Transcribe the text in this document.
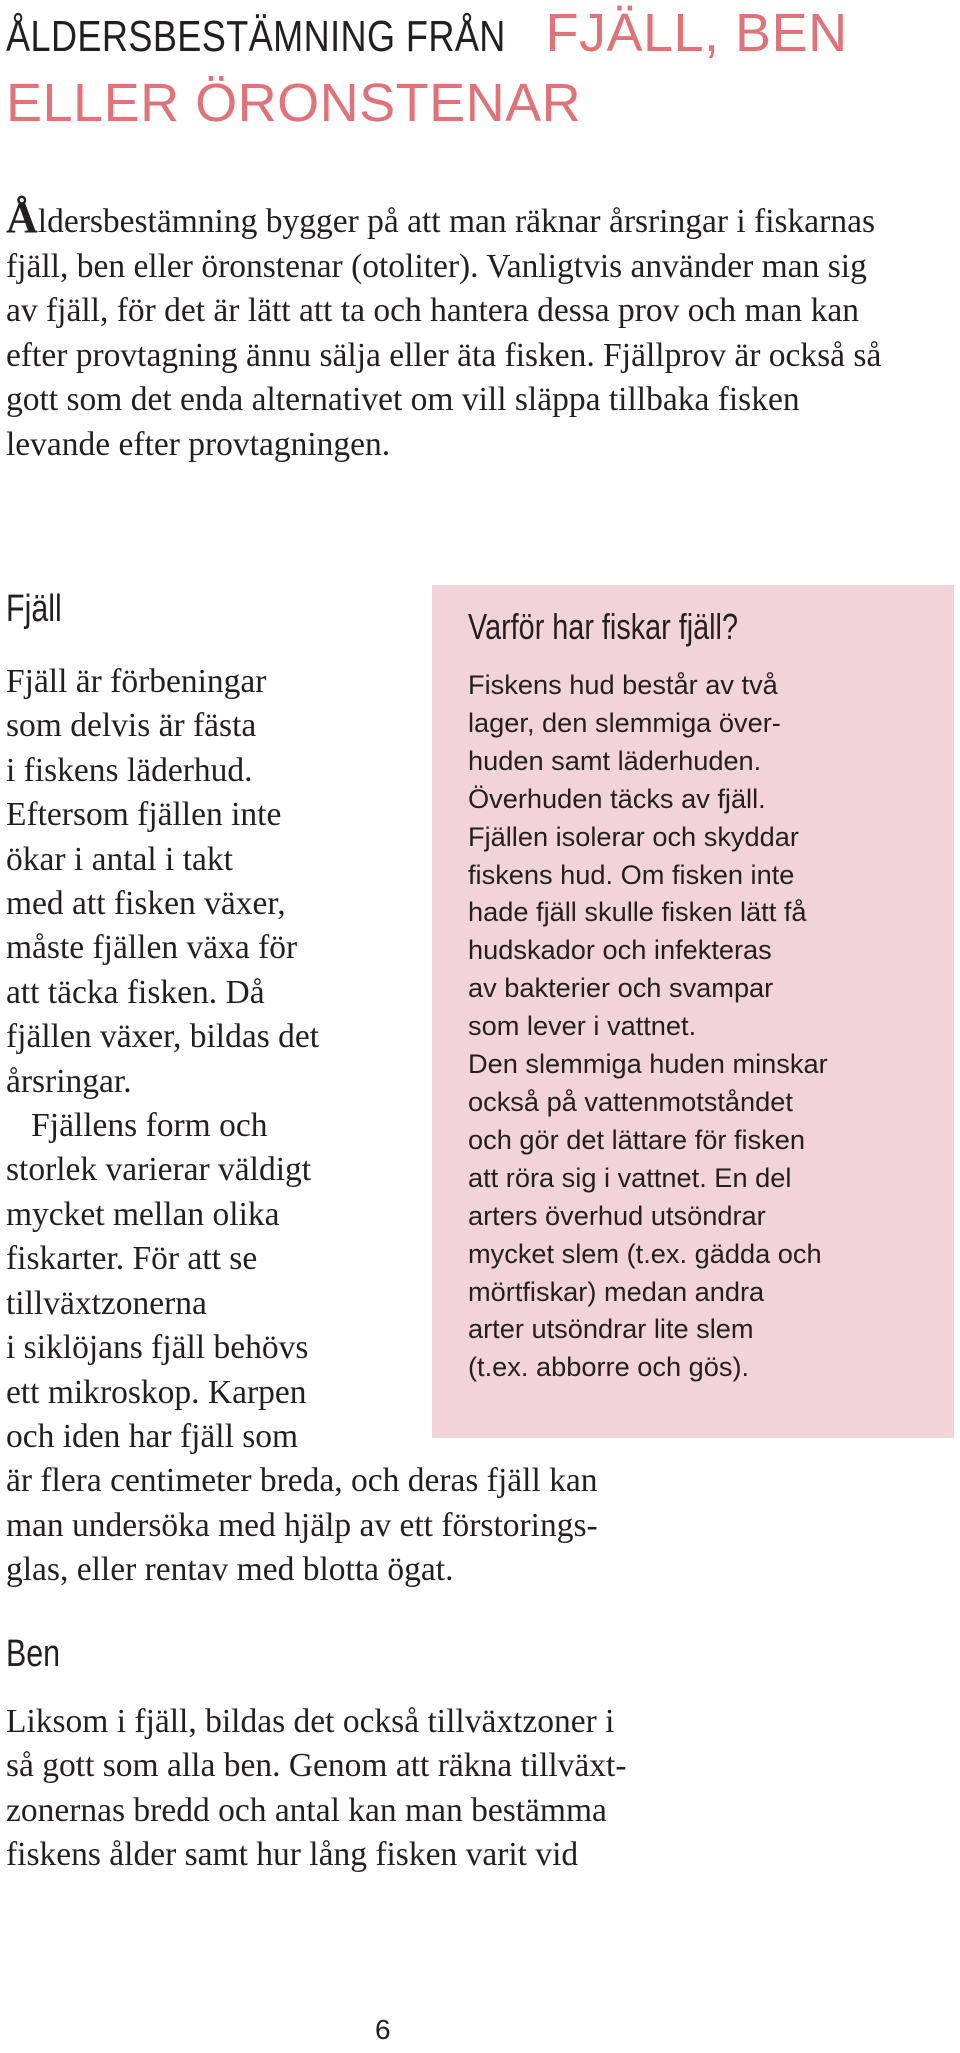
ÅLDERSBESTÄMNING FRÅNFJÄLL, BEN
ELLER ÖRONSTENAR

Åldersbestämning bygger på att man räknar årsringar i fiskarnas fjäll, ben eller öronstenar (otoliter). Vanligtvis använder man sig av fjäll, för det är lätt att ta och hantera dessa prov och man kan efter provtagning ännu sälja eller äta fisken. Fjällprov är också så gott som det enda alternativet om vill släppa tillbaka fisken levande efter provtagningen.

Fjäll	Varför har fiskar fjäll?

Fiskens hud består av två
lager, den slemmiga över-
huden samt läderhuden.
Överhuden täcks av fjäll.
Fjällen isolerar och skyddar
fiskens hud. Om fisken inte
hade fjäll skulle fisken lätt få
hudskador och infekteras
av bakterier och svampar
som lever i vattnet.
Den slemmiga huden minskar
också på vattenmotståndet
och gör det lättare för fisken
att röra sig i vattnet. En del
arters överhud utsöndrar
mycket slem (t.ex. gädda och
mörtfiskar) medan andra
arter utsöndrar lite slem
(t.ex. abborre och gös).

Fjäll är förbeningar
som delvis är fästa
i fiskens läderhud.
Eftersom fjällen inte
ökar i antal i takt
med att fisken växer,
måste fjällen växa för
att täcka fisken. Då
fjällen växer, bildas det
årsringar.
Fjällens form och
storlek varierar väldigt
mycket mellan olika
fiskarter. För att se
tillväxtzonerna
i siklöjans fjäll behövs
ett mikroskop. Karpen
och iden har fjäll som
är flera centimeter breda, och deras fjäll kan
man undersöka med hjälp av ett förstorings-
glas, eller rentav med blotta ögat.

Ben

Liksom i fjäll, bildas det också tillväxtzoner i
så gott som alla ben. Genom att räkna tillväxt-
zonernas bredd och antal kan man bestämma
fiskens ålder samt hur lång fisken varit vid

6
